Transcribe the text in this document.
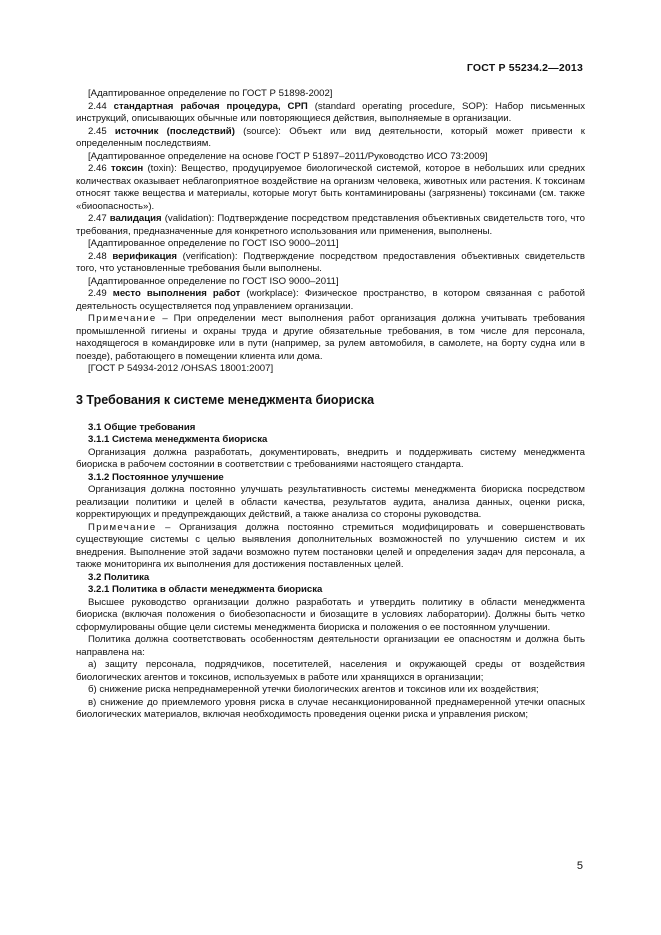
ГОСТ Р 55234.2—2013

[Адаптированное определение по ГОСТ Р 51898-2002]

2.44 стандартная рабочая процедура, СРП (standard operating procedure, SOP): Набор письменных инструкций, описывающих обычные или повторяющиеся действия, выполняемые в организации.

2.45 источник (последствий) (source): Объект или вид деятельности, который может привести к определенным последствиям.

[Адаптированное определение на основе ГОСТ Р 51897–2011/Руководство ИСО 73:2009]

2.46 токсин (toxin): Вещество, продуцируемое биологической системой, которое в небольших или средних количествах оказывает неблагоприятное воздействие на организм человека, животных или растения. К токсинам относят также вещества и материалы, которые могут быть контаминированы (загрязнены) токсинами (см. также «биоопасность»).

2.47 валидация (validation): Подтверждение посредством представления объективных свидетельств того, что требования, предназначенные для конкретного использования или применения, выполнены.

[Адаптированное определение по ГОСТ ISO 9000–2011]

2.48 верификация (verification): Подтверждение посредством предоставления объективных свидетельств того, что установленные требования были выполнены.

[Адаптированное определение по ГОСТ ISO 9000–2011]

2.49 место выполнения работ (workplace): Физическое пространство, в котором связанная с работой деятельность осуществляется под управлением организации.

Примечание – При определении мест выполнения работ организация должна учитывать требования промышленной гигиены и охраны труда и другие обязательные требования, в том числе для персонала, находящегося в командировке или в пути (например, за рулем автомобиля, в самолете, на борту судна или в поезде), работающего в помещении клиента или дома.

[ГОСТ Р 54934-2012 /OHSAS 18001:2007]

3 Требования к системе менеджмента биориска

3.1 Общие требования

3.1.1 Система менеджмента биориска

Организация должна разработать, документировать, внедрить и поддерживать систему менеджмента биориска в рабочем состоянии в соответствии с требованиями настоящего стандарта.

3.1.2 Постоянное улучшение

Организация должна постоянно улучшать результативность системы менеджмента биориска посредством реализации политики и целей в области качества, результатов аудита, анализа данных, оценки риска, корректирующих и предупреждающих действий, а также анализа со стороны руководства.

Примечание – Организация должна постоянно стремиться модифицировать и совершенствовать существующие системы с целью выявления дополнительных возможностей по улучшению систем и их внедрения. Выполнение этой задачи возможно путем постановки целей и определения задач для персонала, а также мониторинга их выполнения для достижения поставленных целей.

3.2 Политика

3.2.1 Политика в области менеджмента биориска

Высшее руководство организации должно разработать и утвердить политику в области менеджмента биориска (включая положения о биобезопасности и биозащите в условиях лаборатории). Должны быть четко сформулированы общие цели системы менеджмента биориска и положения о ее постоянном улучшении.

Политика должна соответствовать особенностям деятельности организации ее опасностям и должна быть направлена на:

а) защиту персонала, подрядчиков, посетителей, населения и окружающей среды от воздействия биологических агентов и токсинов, используемых в работе или хранящихся в организации;

б) снижение риска непреднамеренной утечки биологических агентов и токсинов или их воздействия;

в) снижение до приемлемого уровня риска в случае несанкционированной преднамеренной утечки опасных биологических материалов, включая необходимость проведения оценки риска и управления риском;

5
